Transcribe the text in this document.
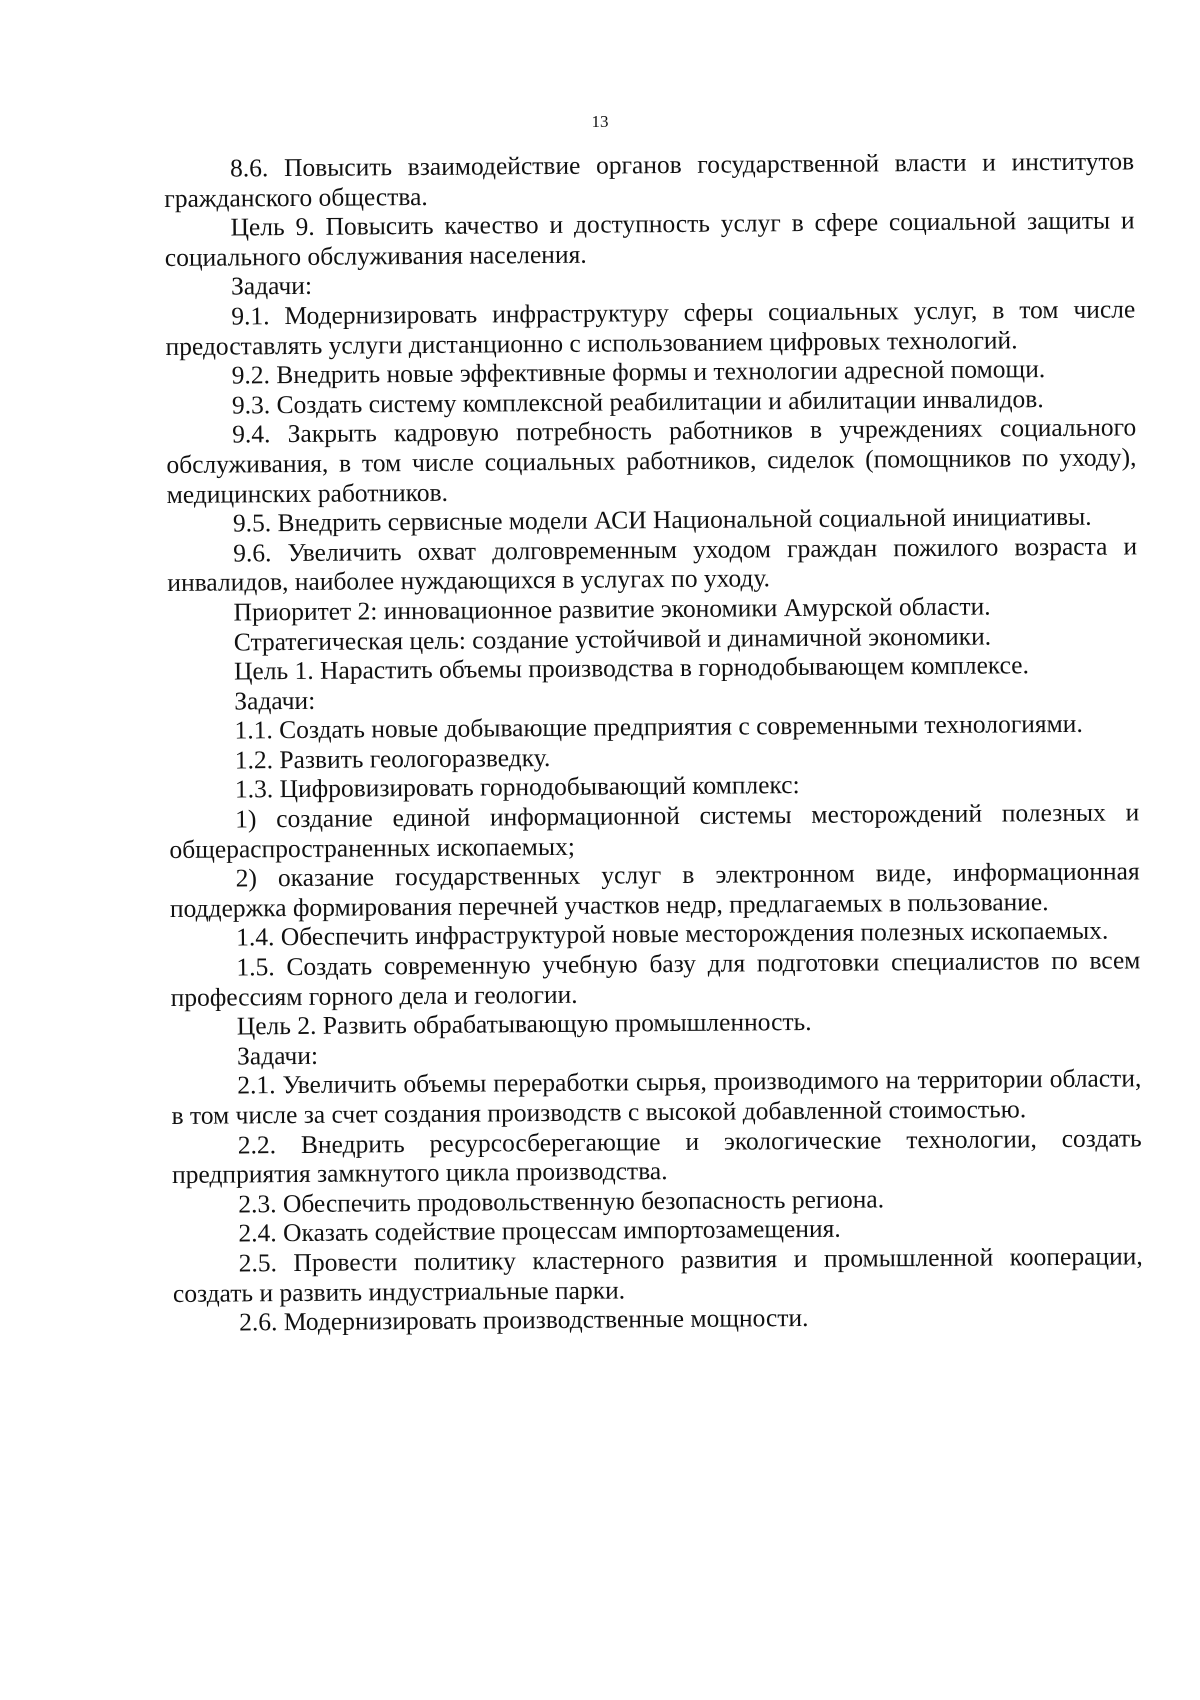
13

8.6. Повысить взаимодействие органов государственной власти и институтов гражданского общества.

Цель 9. Повысить качество и доступность услуг в сфере социальной защиты и социального обслуживания населения.

Задачи:

9.1. Модернизировать инфраструктуру сферы социальных услуг, в том числе предоставлять услуги дистанционно с использованием цифровых технологий.

9.2. Внедрить новые эффективные формы и технологии адресной помощи.

9.3. Создать систему комплексной реабилитации и абилитации инвалидов.

9.4. Закрыть кадровую потребность работников в учреждениях социального обслуживания, в том числе социальных работников, сиделок (помощников по уходу), медицинских работников.

9.5. Внедрить сервисные модели АСИ Национальной социальной инициативы.

9.6. Увеличить охват долговременным уходом граждан пожилого возраста и инвалидов, наиболее нуждающихся в услугах по уходу.

Приоритет 2: инновационное развитие экономики Амурской области.

Стратегическая цель: создание устойчивой и динамичной экономики.

Цель 1. Нарастить объемы производства в горнодобывающем комплексе.

Задачи:

1.1. Создать новые добывающие предприятия с современными технологиями.

1.2. Развить геологоразведку.

1.3. Цифровизировать горнодобывающий комплекс:

1) создание единой информационной системы месторождений полезных и общераспространенных ископаемых;

2) оказание государственных услуг в электронном виде, информационная поддержка формирования перечней участков недр, предлагаемых в пользование.

1.4. Обеспечить инфраструктурой новые месторождения полезных ископаемых.

1.5. Создать современную учебную базу для подготовки специалистов по всем профессиям горного дела и геологии.

Цель 2. Развить обрабатывающую промышленность.

Задачи:

2.1. Увеличить объемы переработки сырья, производимого на территории области, в том числе за счет создания производств с высокой добавленной стоимостью.

2.2. Внедрить ресурсосберегающие и экологические технологии, создать предприятия замкнутого цикла производства.

2.3. Обеспечить продовольственную безопасность региона.

2.4. Оказать содействие процессам импортозамещения.

2.5. Провести политику кластерного развития и промышленной кооперации, создать и развить индустриальные парки.

2.6. Модернизировать производственные мощности.
